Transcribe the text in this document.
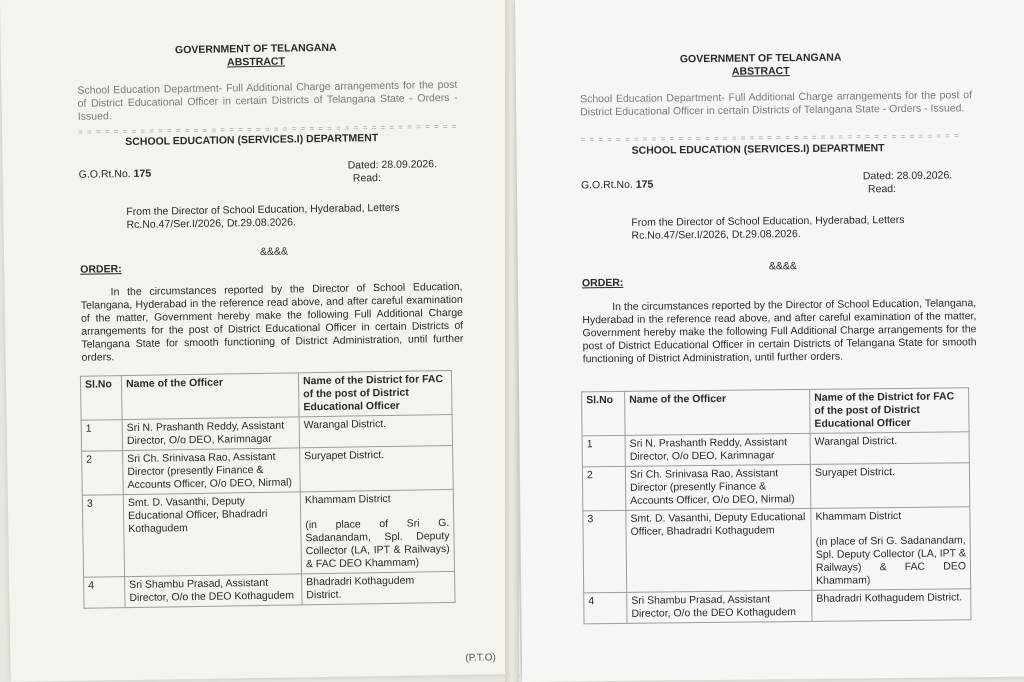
GOVERNMENT OF TELANGANA
ABSTRACT
School Education Department- Full Additional Charge arrangements for the post of District Educational Officer in certain Districts of Telangana State - Orders - Issued.
= = = = = = = = = = = = = = = = = = = = = = = = = = = = = = = = = = = = = = = = = = =
SCHOOL EDUCATION (SERVICES.I) DEPARTMENT
G.O.Rt.No. 175
Dated: 28.09.2026.
Read:
From the Director of School Education, Hyderabad, Letters Rc.No.47/Ser.I/2026, Dt.29.08.2026.
&&&&
ORDER:
In the circumstances reported by the Director of School Education, Telangana, Hyderabad in the reference read above, and after careful examination of the matter, Government hereby make the following Full Additional Charge arrangements for the post of District Educational Officer in certain Districts of Telangana State for smooth functioning of District Administration, until further orders.
Sl.No	Name of the Officer	Name of the District for FAC of the post of District Educational Officer
1	Sri N. Prashanth Reddy, Assistant Director, O/o DEO, Karimnagar	Warangal District.
2	Sri Ch. Srinivasa Rao, Assistant Director (presently Finance & Accounts Officer, O/o DEO, Nirmal)	Suryapet District.
3	Smt. D. Vasanthi, Deputy Educational Officer, Bhadradri Kothagudem	Khammam District
(in place of Sri G. Sadanandam, Spl. Deputy Collector (LA, IPT & Railways) & FAC DEO Khammam)

4	Sri Shambu Prasad, Assistant Director, O/o the DEO Kothagudem	Bhadradri Kothagudem District.
(P.T.O)
GOVERNMENT OF TELANGANA
ABSTRACT
School Education Department- Full Additional Charge arrangements for the post of District Educational Officer in certain Districts of Telangana State - Orders - Issued.
= = = = = = = = = = = = = = = = = = = = = = = = = = = = = = = = = = = = = = = = = = =
SCHOOL EDUCATION (SERVICES.I) DEPARTMENT
G.O.Rt.No. 175
Dated: 28.09.2026.
Read:
From the Director of School Education, Hyderabad, Letters Rc.No.47/Ser.I/2026, Dt.29.08.2026.
&&&&
ORDER:
In the circumstances reported by the Director of School Education, Telangana, Hyderabad in the reference read above, and after careful examination of the matter, Government hereby make the following Full Additional Charge arrangements for the post of District Educational Officer in certain Districts of Telangana State for smooth functioning of District Administration, until further orders.
Sl.No	Name of the Officer	Name of the District for FAC of the post of District Educational Officer
1	Sri N. Prashanth Reddy, Assistant Director, O/o DEO, Karimnagar	Warangal District.
2	Sri Ch. Srinivasa Rao, Assistant Director (presently Finance & Accounts Officer, O/o DEO, Nirmal)	Suryapet District.
3	Smt. D. Vasanthi, Deputy Educational Officer, Bhadradri Kothagudem	Khammam District
(in place of Sri G. Sadanandam, Spl. Deputy Collector (LA, IPT & Railways) & FAC DEO Khammam)

4	Sri Shambu Prasad, Assistant Director, O/o the DEO Kothagudem	Bhadradri Kothagudem District.
